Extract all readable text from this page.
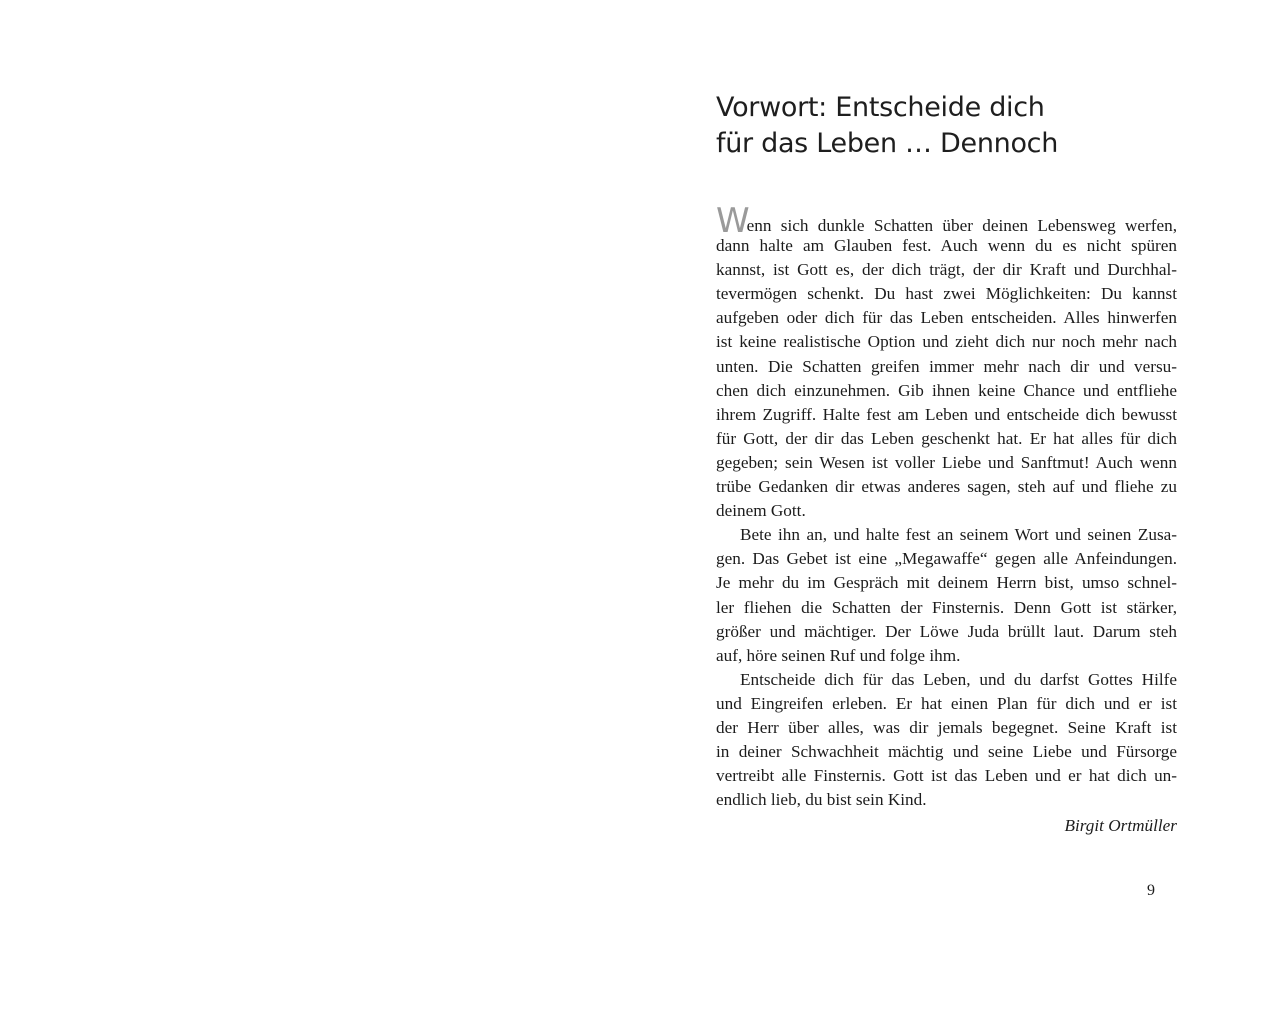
Vorwort: Entscheide dich
für das Leben … Dennoch
Wenn sich dunkle Schatten über deinen Lebensweg werfen,
dann halte am Glauben fest. Auch wenn du es nicht spüren
kannst, ist Gott es, der dich trägt, der dir Kraft und Durchhal-
tevermögen schenkt. Du hast zwei Möglichkeiten: Du kannst
aufgeben oder dich für das Leben entscheiden. Alles hinwerfen
ist keine realistische Option und zieht dich nur noch mehr nach
unten. Die Schatten greifen immer mehr nach dir und versu-
chen dich einzunehmen. Gib ihnen keine Chance und entfliehe
ihrem Zugriff. Halte fest am Leben und entscheide dich bewusst
für Gott, der dir das Leben geschenkt hat. Er hat alles für dich
gegeben; sein Wesen ist voller Liebe und Sanftmut! Auch wenn
trübe Gedanken dir etwas anderes sagen, steh auf und fliehe zu
deinem Gott.
Bete ihn an, und halte fest an seinem Wort und seinen Zusa-
gen. Das Gebet ist eine „Megawaffe“ gegen alle Anfeindungen.
Je mehr du im Gespräch mit deinem Herrn bist, umso schnel-
ler fliehen die Schatten der Finsternis. Denn Gott ist stärker,
größer und mächtiger. Der Löwe Juda brüllt laut. Darum steh
auf, höre seinen Ruf und folge ihm.
Entscheide dich für das Leben, und du darfst Gottes Hilfe
und Eingreifen erleben. Er hat einen Plan für dich und er ist
der Herr über alles, was dir jemals begegnet. Seine Kraft ist
in deiner Schwachheit mächtig und seine Liebe und Fürsorge
vertreibt alle Finsternis. Gott ist das Leben und er hat dich un-
endlich lieb, du bist sein Kind.
Birgit Ortmüller
9
